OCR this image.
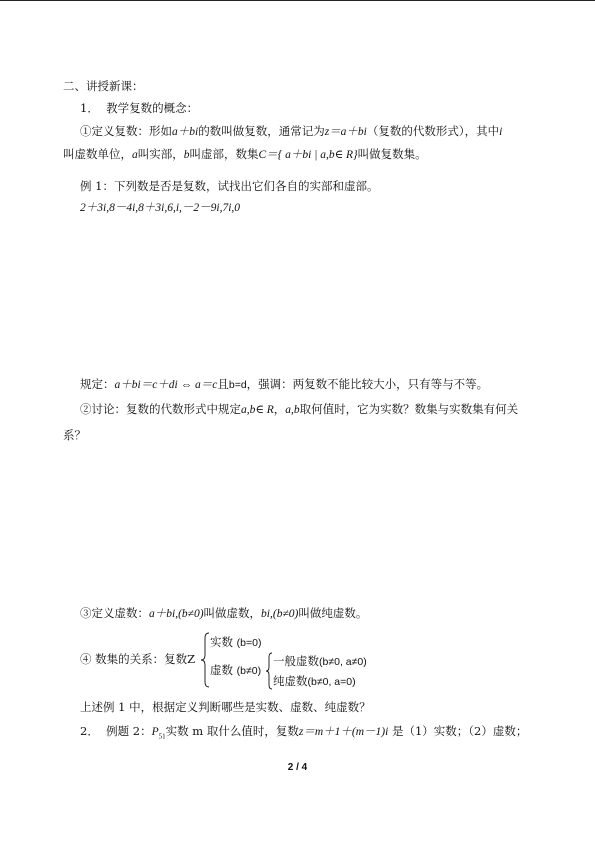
二、讲授新课：
1． 教学复数的概念：
①定义复数：形如a＋bi的数叫做复数，通常记为z＝a＋bi（复数的代数形式），其中i
叫虚数单位，a叫实部，b叫虚部，数集C＝{ a＋bi | a,b∈ R}叫做复数集。
例 1：下列数是否是复数，试找出它们各自的实部和虚部。
2＋3i,8－4i,8＋3i,6,i,－2－9i,7i,0
规定：a＋bi＝c＋di ⇔ a＝c且b=d，强调：两复数不能比较大小，只有等与不等。
②讨论：复数的代数形式中规定a,b∈ R，a,b取何值时，它为实数？数集与实数集有何关
系？
③定义虚数：a＋bi,(b≠0)叫做虚数，bi,(b≠0)叫做纯虚数。
④ 数集的关系：复数Z
实数 (b=0)
虚数 (b≠0)
一般虚数(b≠0, a≠0)
纯虚数(b≠0, a=0)
上述例 1 中，根据定义判断哪些是实数、虚数、纯虚数？
2． 例题 2：$P_{51}$实数 m 取什么值时，复数z＝m＋1＋(m－1)i 是（1）实数；（2）虚数；
2 / 4
